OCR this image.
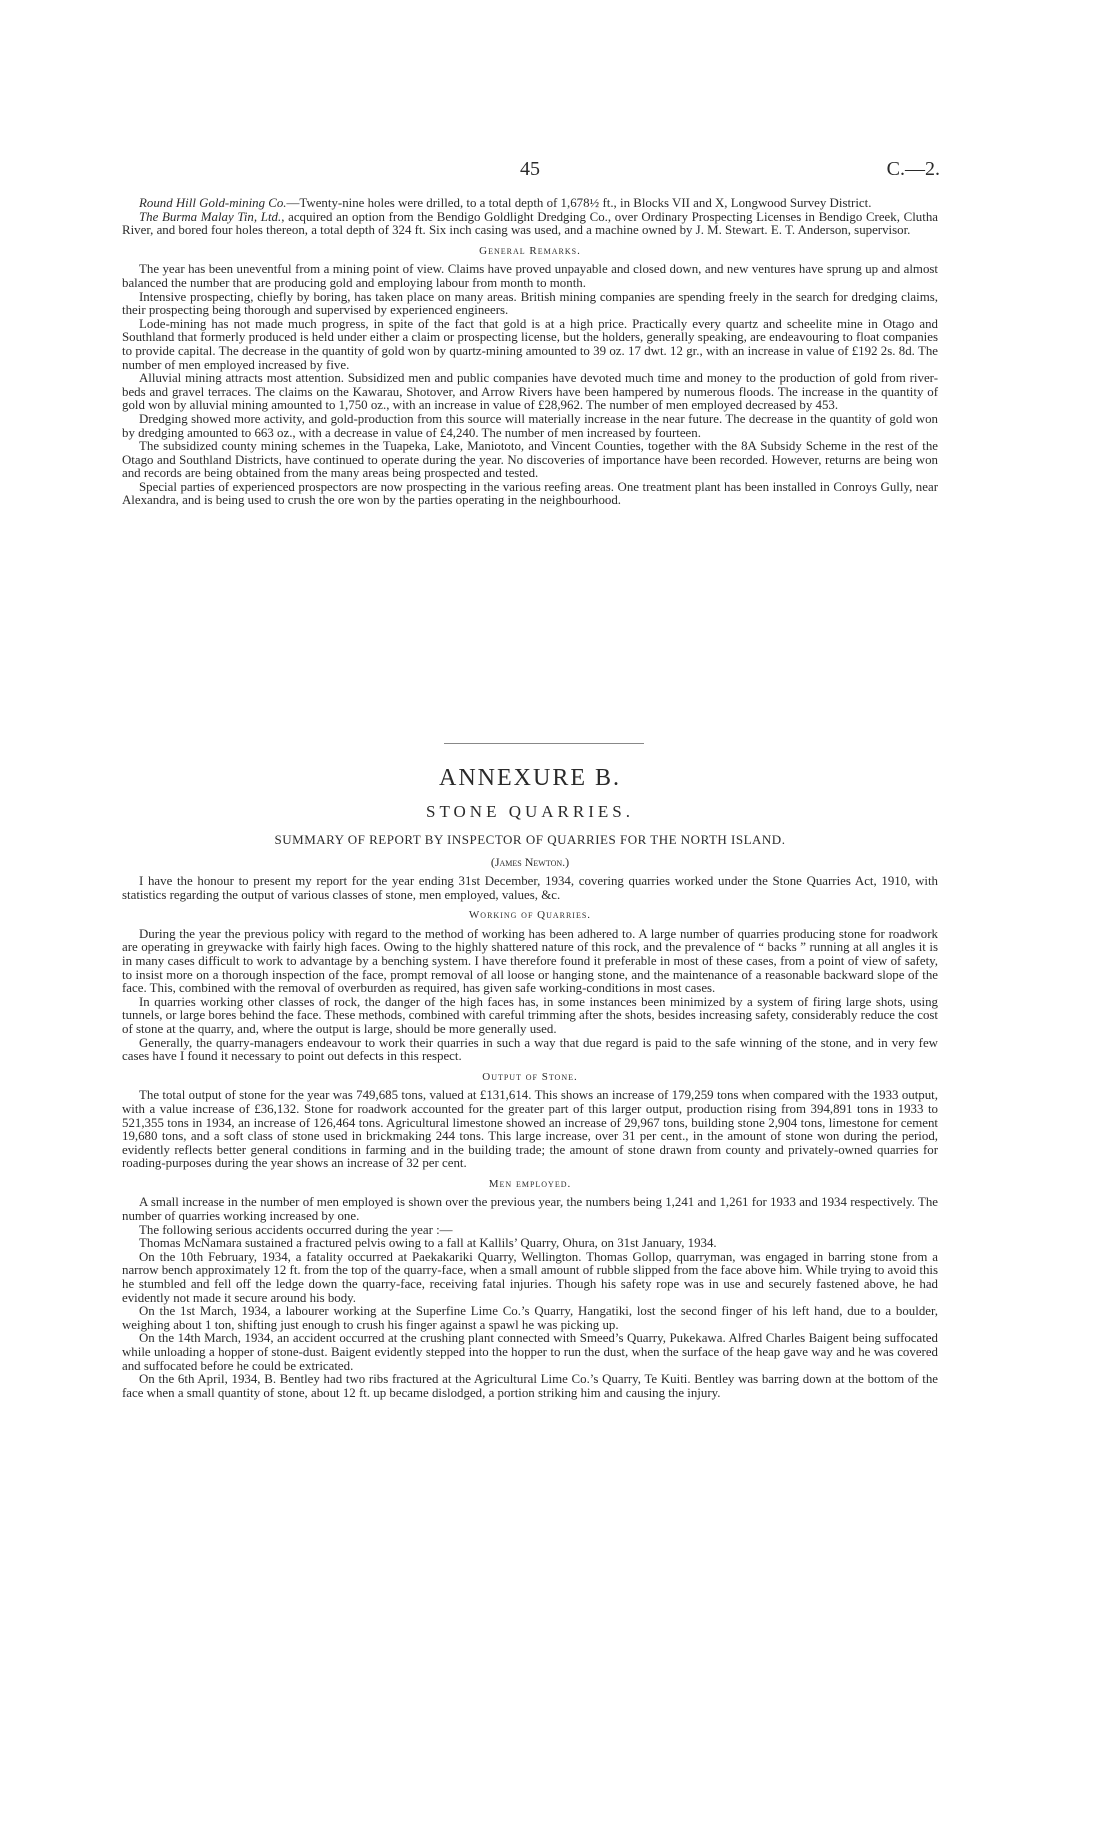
45	C.—2.

Round Hill Gold-mining Co.—Twenty-nine holes were drilled, to a total depth of 1,678½ ft., in Blocks VII and X, Longwood Survey District.

The Burma Malay Tin, Ltd., acquired an option from the Bendigo Goldlight Dredging Co., over Ordinary Prospecting Licenses in Bendigo Creek, Clutha River, and bored four holes thereon, a total depth of 324 ft. Six inch casing was used, and a machine owned by J. M. Stewart. E. T. Anderson, supervisor.

General Remarks.

The year has been uneventful from a mining point of view. Claims have proved unpayable and closed down, and new ventures have sprung up and almost balanced the number that are producing gold and employing labour from month to month.

Intensive prospecting, chiefly by boring, has taken place on many areas. British mining companies are spending freely in the search for dredging claims, their prospecting being thorough and supervised by experienced engineers.

Lode-mining has not made much progress, in spite of the fact that gold is at a high price. Practically every quartz and scheelite mine in Otago and Southland that formerly produced is held under either a claim or prospecting license, but the holders, generally speaking, are endeavouring to float companies to provide capital. The decrease in the quantity of gold won by quartz-mining amounted to 39 oz. 17 dwt. 12 gr., with an increase in value of £192 2s. 8d. The number of men employed increased by five.

Alluvial mining attracts most attention. Subsidized men and public companies have devoted much time and money to the production of gold from river-beds and gravel terraces. The claims on the Kawarau, Shotover, and Arrow Rivers have been hampered by numerous floods. The increase in the quantity of gold won by alluvial mining amounted to 1,750 oz., with an increase in value of £28,962. The number of men employed decreased by 453.

Dredging showed more activity, and gold-production from this source will materially increase in the near future. The decrease in the quantity of gold won by dredging amounted to 663 oz., with a decrease in value of £4,240. The number of men increased by fourteen.

The subsidized county mining schemes in the Tuapeka, Lake, Maniototo, and Vincent Counties, together with the 8A Subsidy Scheme in the rest of the Otago and Southland Districts, have continued to operate during the year. No discoveries of importance have been recorded. However, returns are being won and records are being obtained from the many areas being prospected and tested.

Special parties of experienced prospectors are now prospecting in the various reefing areas. One treatment plant has been installed in Conroys Gully, near Alexandra, and is being used to crush the ore won by the parties operating in the neighbourhood.

ANNEXURE B.
STONE QUARRIES.
SUMMARY OF REPORT BY INSPECTOR OF QUARRIES FOR THE NORTH ISLAND.
(James Newton.)

I have the honour to present my report for the year ending 31st December, 1934, covering quarries worked under the Stone Quarries Act, 1910, with statistics regarding the output of various classes of stone, men employed, values, &c.

Working of Quarries.

During the year the previous policy with regard to the method of working has been adhered to. A large number of quarries producing stone for roadwork are operating in greywacke with fairly high faces. Owing to the highly shattered nature of this rock, and the prevalence of “ backs ” running at all angles it is in many cases difficult to work to advantage by a benching system. I have therefore found it preferable in most of these cases, from a point of view of safety, to insist more on a thorough inspection of the face, prompt removal of all loose or hanging stone, and the maintenance of a reasonable backward slope of the face. This, combined with the removal of overburden as required, has given safe working-conditions in most cases.

In quarries working other classes of rock, the danger of the high faces has, in some instances been minimized by a system of firing large shots, using tunnels, or large bores behind the face. These methods, combined with careful trimming after the shots, besides increasing safety, considerably reduce the cost of stone at the quarry, and, where the output is large, should be more generally used.

Generally, the quarry-managers endeavour to work their quarries in such a way that due regard is paid to the safe winning of the stone, and in very few cases have I found it necessary to point out defects in this respect.

Output of Stone.

The total output of stone for the year was 749,685 tons, valued at £131,614. This shows an increase of 179,259 tons when compared with the 1933 output, with a value increase of £36,132. Stone for roadwork accounted for the greater part of this larger output, production rising from 394,891 tons in 1933 to 521,355 tons in 1934, an increase of 126,464 tons. Agricultural limestone showed an increase of 29,967 tons, building stone 2,904 tons, limestone for cement 19,680 tons, and a soft class of stone used in brickmaking 244 tons. This large increase, over 31 per cent., in the amount of stone won during the period, evidently reflects better general conditions in farming and in the building trade; the amount of stone drawn from county and privately-owned quarries for roading-purposes during the year shows an increase of 32 per cent.

Men employed.

A small increase in the number of men employed is shown over the previous year, the numbers being 1,241 and 1,261 for 1933 and 1934 respectively. The number of quarries working increased by one.

The following serious accidents occurred during the year :—

Thomas McNamara sustained a fractured pelvis owing to a fall at Kallils’ Quarry, Ohura, on 31st January, 1934.

On the 10th February, 1934, a fatality occurred at Paekakariki Quarry, Wellington. Thomas Gollop, quarryman, was engaged in barring stone from a narrow bench approximately 12 ft. from the top of the quarry-face, when a small amount of rubble slipped from the face above him. While trying to avoid this he stumbled and fell off the ledge down the quarry-face, receiving fatal injuries. Though his safety rope was in use and securely fastened above, he had evidently not made it secure around his body.

On the 1st March, 1934, a labourer working at the Superfine Lime Co.’s Quarry, Hangatiki, lost the second finger of his left hand, due to a boulder, weighing about 1 ton, shifting just enough to crush his finger against a spawl he was picking up.

On the 14th March, 1934, an accident occurred at the crushing plant connected with Smeed’s Quarry, Pukekawa. Alfred Charles Baigent being suffocated while unloading a hopper of stone-dust. Baigent evidently stepped into the hopper to run the dust, when the surface of the heap gave way and he was covered and suffocated before he could be extricated.

On the 6th April, 1934, B. Bentley had two ribs fractured at the Agricultural Lime Co.’s Quarry, Te Kuiti. Bentley was barring down at the bottom of the face when a small quantity of stone, about 12 ft. up became dislodged, a portion striking him and causing the injury.
